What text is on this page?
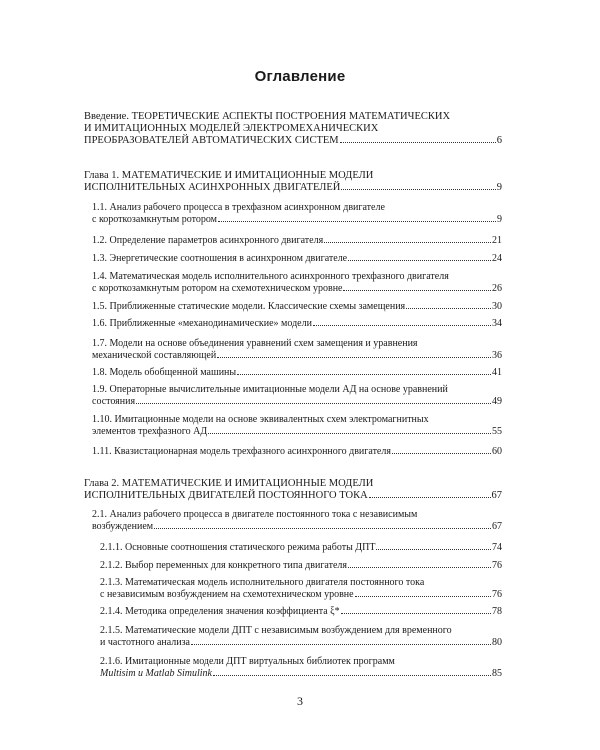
Оглавление
Введение. ТЕОРЕТИЧЕСКИЕ АСПЕКТЫ ПОСТРОЕНИЯ МАТЕМАТИЧЕСКИХ
И ИМИТАЦИОННЫХ МОДЕЛЕЙ ЭЛЕКТРОМЕХАНИЧЕСКИХ
ПРЕОБРАЗОВАТЕЛЕЙ АВТОМАТИЧЕСКИХ СИСТЕМ	6
Глава 1. МАТЕМАТИЧЕСКИЕ И ИМИТАЦИОННЫЕ МОДЕЛИ
ИСПОЛНИТЕЛЬНЫХ АСИНХРОННЫХ ДВИГАТЕЛЕЙ	9
1.1. Анализ рабочего процесса в трехфазном асинхронном двигателе
с короткозамкнутым ротором	9
1.2. Определение параметров асинхронного двигателя	21
1.3. Энергетические соотношения в асинхронном двигателе	24
1.4. Математическая модель исполнительного асинхронного трехфазного двигателя
с короткозамкнутым ротором на схемотехническом уровне	26
1.5. Приближенные статические модели. Классические схемы замещения	30
1.6. Приближенные «механодинамические» модели	34
1.7. Модели на основе объединения уравнений схем замещения и уравнения
механической составляющей	36
1.8. Модель обобщенной машины	41
1.9. Операторные вычислительные имитационные модели АД на основе уравнений
состояния	49
1.10. Имитационные модели на основе эквивалентных схем электромагнитных
элементов трехфазного АД	55
1.11. Квазистационарная модель трехфазного асинхронного двигателя	60
Глава 2. МАТЕМАТИЧЕСКИЕ И ИМИТАЦИОННЫЕ МОДЕЛИ
ИСПОЛНИТЕЛЬНЫХ ДВИГАТЕЛЕЙ ПОСТОЯННОГО ТОКА	67
2.1. Анализ рабочего процесса в двигателе постоянного тока с независимым
возбуждением	67
2.1.1. Основные соотношения статического режима работы ДПТ	74
2.1.2. Выбор переменных для конкретного типа двигателя	76
2.1.3. Математическая модель исполнительного двигателя постоянного тока
с независимым возбуждением на схемотехническом уровне	76
2.1.4. Методика определения значения коэффициента ξ*	78
2.1.5. Математические модели ДПТ с независимым возбуждением для временного
и частотного анализа	80
2.1.6. Имитационные модели ДПТ виртуальных библиотек программ
Multisim и Matlab Simulink	85
3
